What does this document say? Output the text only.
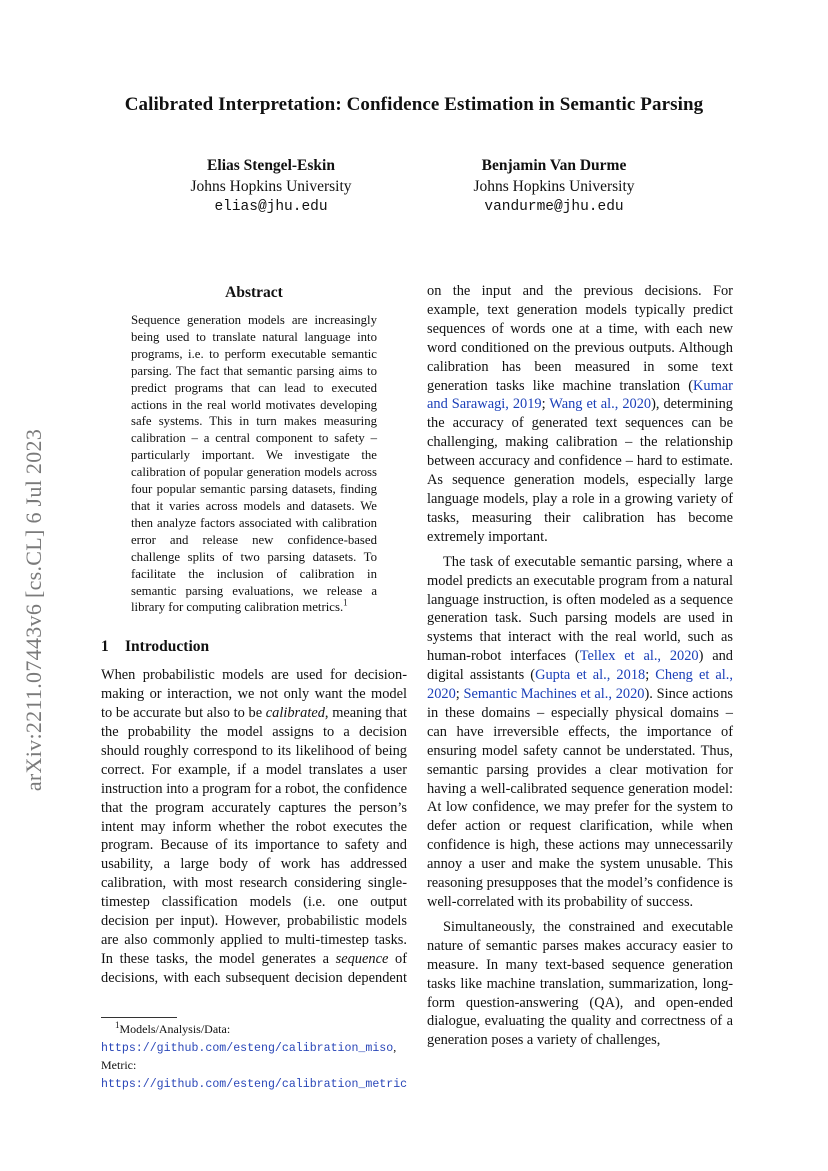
Calibrated Interpretation: Confidence Estimation in Semantic Parsing
Elias Stengel-Eskin
Johns Hopkins University
elias@jhu.edu
Benjamin Van Durme
Johns Hopkins University
vandurme@jhu.edu
arXiv:2211.07443v6 [cs.CL] 6 Jul 2023
Abstract
Sequence generation models are increasingly being used to translate natural language into programs, i.e. to perform executable semantic parsing. The fact that semantic parsing aims to predict programs that can lead to executed actions in the real world motivates developing safe systems. This in turn makes measuring calibration – a central component to safety – particularly important. We investigate the calibration of popular generation models across four popular semantic parsing datasets, finding that it varies across models and datasets. We then analyze factors associated with calibration error and release new confidence-based challenge splits of two parsing datasets. To facilitate the inclusion of calibration in semantic parsing evaluations, we release a library for computing calibration metrics.$^1$
1 Introduction

When probabilistic models are used for decision-making or interaction, we not only want the model to be accurate but also to be calibrated, meaning that the probability the model assigns to a decision should roughly correspond to its likelihood of being correct. For example, if a model translates a user instruction into a program for a robot, the confidence that the program accurately captures the person’s intent may inform whether the robot executes the program. Because of its importance to safety and usability, a large body of work has addressed calibration, with most research considering single-timestep classification models (i.e. one output decision per input). However, probabilistic models are also commonly applied to multi-timestep tasks. In these tasks, the model generates a sequence of decisions, with each subsequent decision dependent

on the input and the previous decisions. For example, text generation models typically predict sequences of words one at a time, with each new word conditioned on the previous outputs. Although calibration has been measured in some text generation tasks like machine translation (Kumar and Sarawagi, 2019; Wang et al., 2020), determining the accuracy of generated text sequences can be challenging, making calibration – the relationship between accuracy and confidence – hard to estimate. As sequence generation models, especially large language models, play a role in a growing variety of tasks, measuring their calibration has become extremely important.

The task of executable semantic parsing, where a model predicts an executable program from a natural language instruction, is often modeled as a sequence generation task. Such parsing models are used in systems that interact with the real world, such as human-robot interfaces (Tellex et al., 2020) and digital assistants (Gupta et al., 2018; Cheng et al., 2020; Semantic Machines et al., 2020). Since actions in these domains – especially physical domains – can have irreversible effects, the importance of ensuring model safety cannot be understated. Thus, semantic parsing provides a clear motivation for having a well-calibrated sequence generation model: At low confidence, we may prefer for the system to defer action or request clarification, while when confidence is high, these actions may unnecessarily annoy a user and make the system unusable. This reasoning presupposes that the model’s confidence is well-correlated with its probability of success.

Simultaneously, the constrained and executable nature of semantic parses makes accuracy easier to measure. In many text-based sequence generation tasks like machine translation, summarization, long-form question-answering (QA), and open-ended dialogue, evaluating the quality and correctness of a generation poses a variety of challenges,

$^1$Models/Analysis/Data: https://github.com/esteng/calibration_miso, Metric: https://github.com/esteng/calibration_metric
